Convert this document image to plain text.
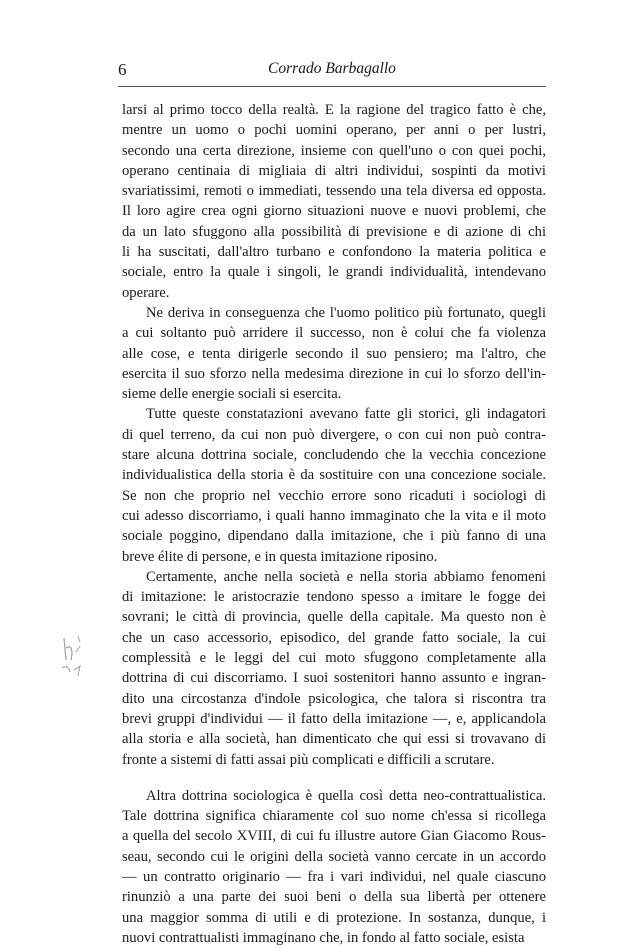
6	Corrado Barbagallo
larsi al primo tocco della realtà. E la ragione del tragico fatto è che,
mentre un uomo o pochi uomini operano, per anni o per lustri,
secondo una certa direzione, insieme con quell'uno o con quei pochi,
operano centinaia di migliaia di altri individui, sospinti da motivi
svariatissimi, remoti o immediati, tessendo una tela diversa ed opposta.
Il loro agire crea ogni giorno situazioni nuove e nuovi problemi, che
da un lato sfuggono alla possibilità di previsione e di azione di chi
li ha suscitati, dall'altro turbano e confondono la materia politica e
sociale, entro la quale i singoli, le grandi individualità, intendevano
operare.
Ne deriva in conseguenza che l'uomo politico più fortunato, quegli
a cui soltanto può arridere il successo, non è colui che fa violenza
alle cose, e tenta dirigerle secondo il suo pensiero; ma l'altro, che
esercita il suo sforzo nella medesima direzione in cui lo sforzo dell'in-
sieme delle energie sociali si esercita.
Tutte queste constatazioni avevano fatte gli storici, gli indagatori
di quel terreno, da cui non può divergere, o con cui non può contra-
stare alcuna dottrina sociale, concludendo che la vecchia concezione
individualistica della storia è da sostituire con una concezione sociale.
Se non che proprio nel vecchio errore sono ricaduti i sociologi di
cui adesso discorriamo, i quali hanno immaginato che la vita e il moto
sociale poggino, dipendano dalla imitazione, che i più fanno di una
breve élite di persone, e in questa imitazione riposino.
Certamente, anche nella società e nella storia abbiamo fenomeni
di imitazione: le aristocrazie tendono spesso a imitare le fogge dei
sovrani; le città di provincia, quelle della capitale. Ma questo non è
che un caso accessorio, episodico, del grande fatto sociale, la cui
complessità e le leggi del cui moto sfuggono completamente alla
dottrina di cui discorriamo. I suoi sostenitori hanno assunto e ingran-
dito una circostanza d'indole psicologica, che talora si riscontra tra
brevi gruppi d'individui — il fatto della imitazione —, e, applicandola
alla storia e alla società, han dimenticato che qui essi si trovavano di
fronte a sistemi di fatti assai più complicati e difficili a scrutare.
Altra dottrina sociologica è quella così detta neo-contrattualistica.
Tale dottrina significa chiaramente col suo nome ch'essa si ricollega
a quella del secolo XVIII, di cui fu illustre autore Gian Giacomo Rous-
seau, secondo cui le origini della società vanno cercate in un accordo
— un contratto originario — fra i vari individui, nel quale ciascuno
rinunziò a una parte dei suoi beni o della sua libertà per ottenere
una maggior somma di utili e di protezione. In sostanza, dunque, i
nuovi contrattualisti immaginano che, in fondo al fatto sociale, esista
